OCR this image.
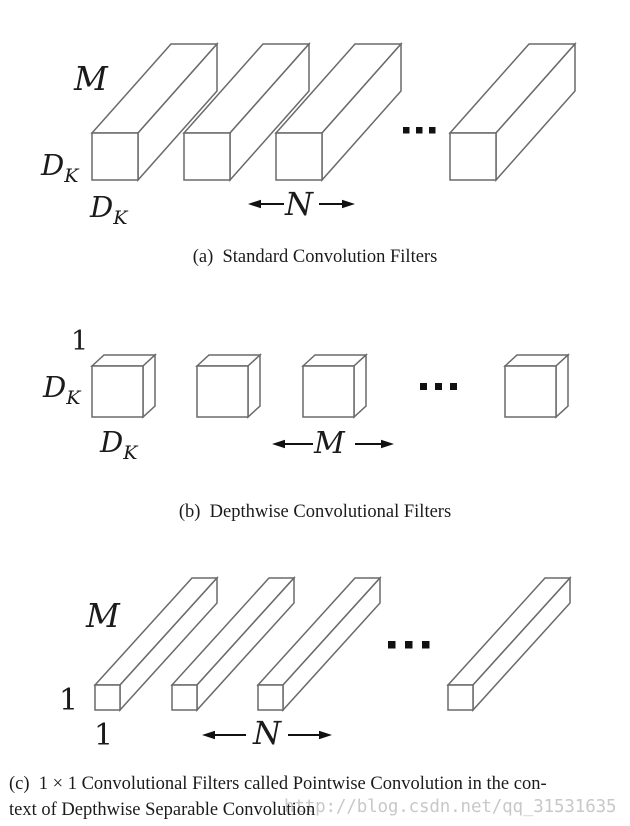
M
$D_K$
$D_K$	N
(a)  Standard Convolution Filters
1
$D_K$
$D_K$	M
(b)  Depthwise Convolutional Filters
M
1
1	N
http://blog.csdn.net/qq_31531635
(c)  1 × 1 Convolutional Filters called Pointwise Convolution in the con-
text of Depthwise Separable Convolution
